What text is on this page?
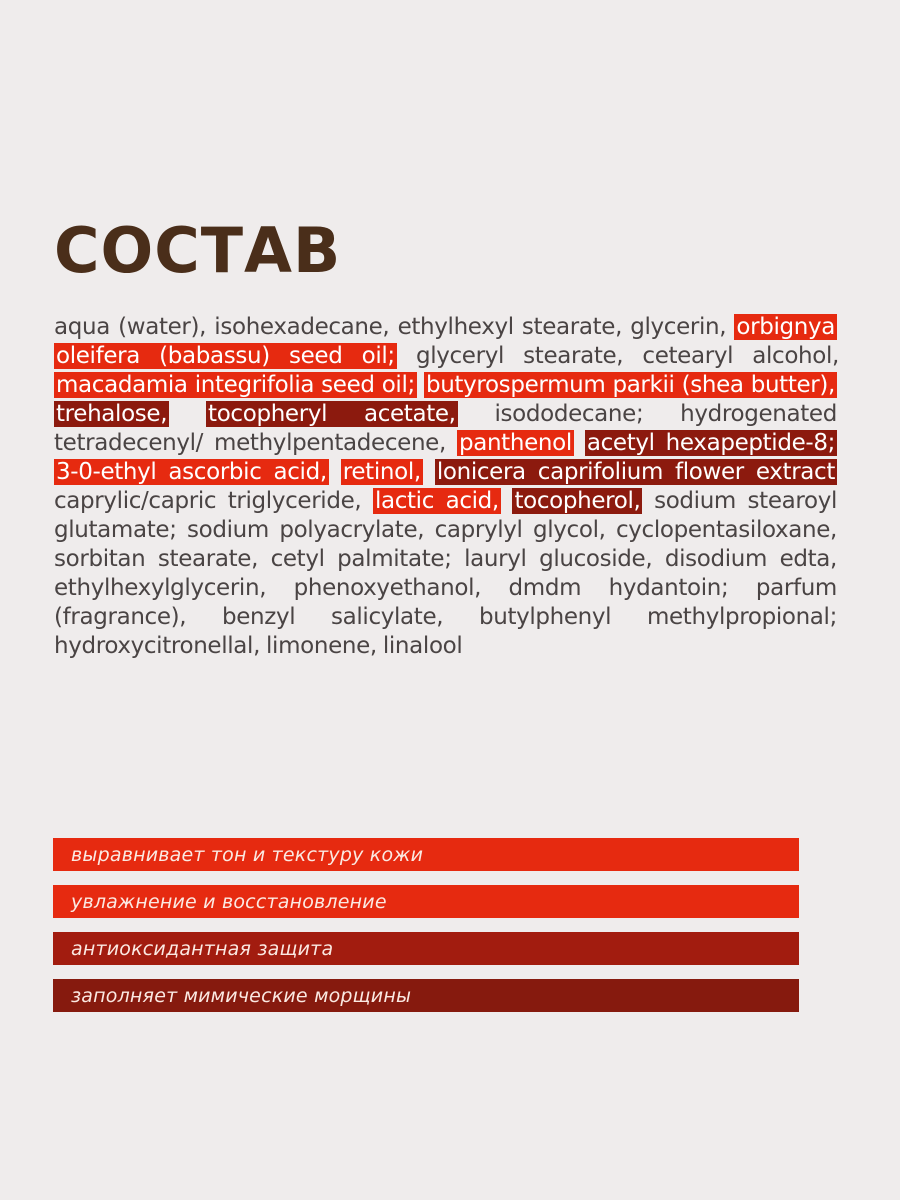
СОСТАВ

aqua (water), isohexadecane, ethylhexyl stearate, glycerin, orbignya oleifera (babassu) seed oil; glyceryl stearate, cetearyl alcohol, macadamia integrifolia seed oil; butyrospermum parkii (shea butter), trehalose, tocopheryl acetate, isododecane; hydrogenated tetradecenyl/ methylpentadecene, panthenol acetyl hexapeptide-8; 3-0-ethyl ascorbic acid, retinol, lonicera caprifolium flower extract caprylic/capric triglyceride, lactic acid, tocopherol, sodium stearoyl glutamate; sodium polyacrylate, caprylyl glycol, cyclopentasiloxane, sorbitan stearate, cetyl palmitate; lauryl glucoside, disodium edta, ethylhexylglycerin, phenoxyethanol, dmdm hydantoin; parfum (fragrance), benzyl salicylate, butylphenyl methylpropional; hydroxycitronellal, limonene, linalool

выравнивает тон и текстуру кожи
увлажнение и восстановление
антиоксидантная защита
заполняет мимические морщины
